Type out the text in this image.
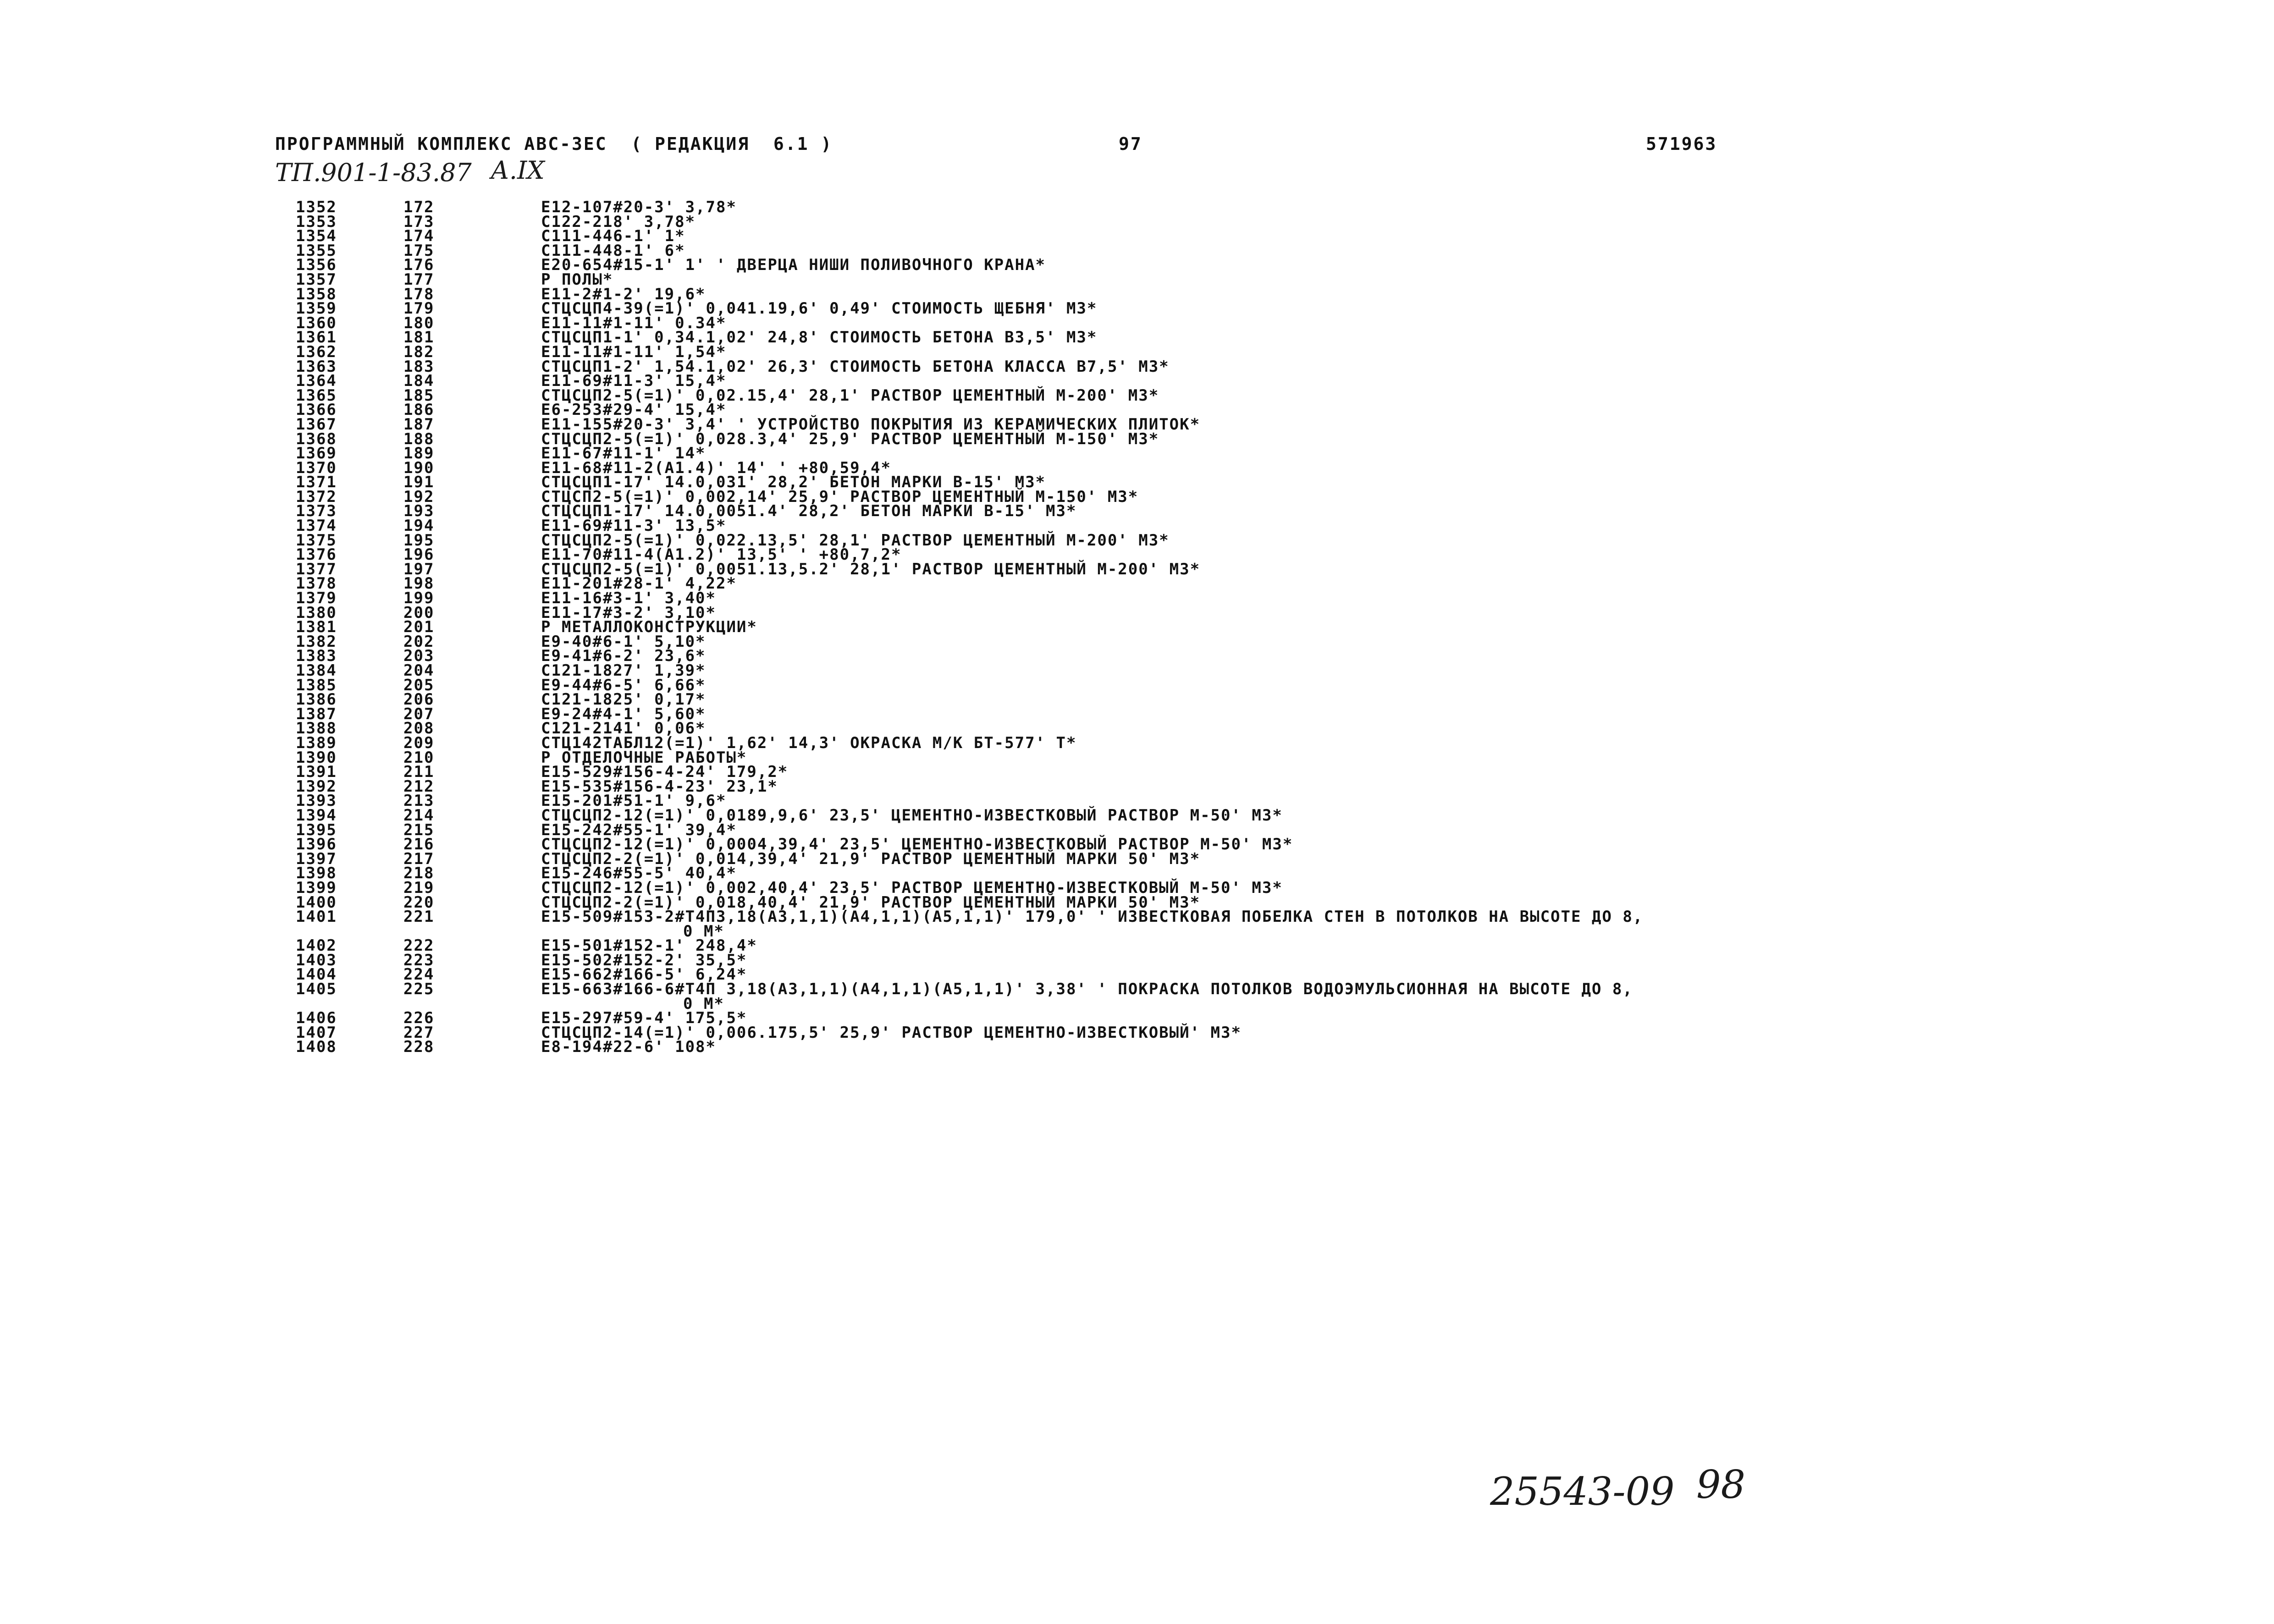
ПРОГРАММНЫЙ КОМПЛЕКС АВС-3ЕС  ( РЕДАКЦИЯ  6.1 )	97	571963
ТП.901-1-83.87 А.IX
1352	172	Е12-107#20-3' 3,78*
1353	173	С122-218' 3,78*
1354	174	С111-446-1' 1*
1355	175	С111-448-1' 6*
1356	176	Е20-654#15-1' 1' ' ДВЕРЦА НИШИ ПОЛИВОЧНОГО КРАНА*
1357	177	Р ПОЛЫ*
1358	178	Е11-2#1-2' 19,6*
1359	179	СТЦСЦП4-39(=1)' 0,041.19,6' 0,49' СТОИМОСТЬ ЩЕБНЯ' М3*
1360	180	Е11-11#1-11' 0.34*
1361	181	СТЦСЦП1-1' 0,34.1,02' 24,8' СТОИМОСТЬ БЕТОНА В3,5' М3*
1362	182	Е11-11#1-11' 1,54*
1363	183	СТЦСЦП1-2' 1,54.1,02' 26,3' СТОИМОСТЬ БЕТОНА КЛАССА В7,5' М3*
1364	184	Е11-69#11-3' 15,4*
1365	185	СТЦСЦП2-5(=1)' 0,02.15,4' 28,1' РАСТВОР ЦЕМЕНТНЫЙ М-200' М3*
1366	186	Е6-253#29-4' 15,4*
1367	187	Е11-155#20-3' 3,4' ' УСТРОЙСТВО ПОКРЫТИЯ ИЗ КЕРАМИЧЕСКИХ ПЛИТОК*
1368	188	СТЦСЦП2-5(=1)' 0,028.3,4' 25,9' РАСТВОР ЦЕМЕНТНЫЙ М-150' М3*
1369	189	Е11-67#11-1' 14*
1370	190	Е11-68#11-2(А1.4)' 14' ' +80,59,4*
1371	191	СТЦСЦП1-17' 14.0,031' 28,2' БЕТОН МАРКИ В-15' М3*
1372	192	СТЦСП2-5(=1)' 0,002,14' 25,9' РАСТВОР ЦЕМЕНТНЫЙ М-150' М3*
1373	193	СТЦСЦП1-17' 14.0,0051.4' 28,2' БЕТОН МАРКИ В-15' М3*
1374	194	Е11-69#11-3' 13,5*
1375	195	СТЦСЦП2-5(=1)' 0,022.13,5' 28,1' РАСТВОР ЦЕМЕНТНЫЙ М-200' М3*
1376	196	Е11-70#11-4(А1.2)' 13,5' ' +80,7,2*
1377	197	СТЦСЦП2-5(=1)' 0,0051.13,5.2' 28,1' РАСТВОР ЦЕМЕНТНЫЙ М-200' М3*
1378	198	Е11-201#28-1' 4,22*
1379	199	Е11-16#3-1' 3,40*
1380	200	Е11-17#3-2' 3,10*
1381	201	Р МЕТАЛЛОКОНСТРУКЦИИ*
1382	202	Е9-40#6-1' 5,10*
1383	203	Е9-41#6-2' 23,6*
1384	204	С121-1827' 1,39*
1385	205	Е9-44#6-5' 6,66*
1386	206	С121-1825' 0,17*
1387	207	Е9-24#4-1' 5,60*
1388	208	С121-2141' 0,06*
1389	209	СТЦ142ТАБЛ12(=1)' 1,62' 14,3' ОКРАСКА М/К БТ-577' Т*
1390	210	Р ОТДЕЛОЧНЫЕ РАБОТЫ*
1391	211	Е15-529#156-4-24' 179,2*
1392	212	Е15-535#156-4-23' 23,1*
1393	213	Е15-201#51-1' 9,6*
1394	214	СТЦСЦП2-12(=1)' 0,0189,9,6' 23,5' ЦЕМЕНТНО-ИЗВЕСТКОВЫЙ РАСТВОР М-50' М3*
1395	215	Е15-242#55-1' 39,4*
1396	216	СТЦСЦП2-12(=1)' 0,0004,39,4' 23,5' ЦЕМЕНТНО-ИЗВЕСТКОВЫЙ РАСТВОР М-50' М3*
1397	217	СТЦСЦП2-2(=1)' 0,014,39,4' 21,9' РАСТВОР ЦЕМЕНТНЫЙ МАРКИ 50' М3*
1398	218	Е15-246#55-5' 40,4*
1399	219	СТЦСЦП2-12(=1)' 0,002,40,4' 23,5' РАСТВОР ЦЕМЕНТНО-ИЗВЕСТКОВЫЙ М-50' М3*
1400	220	СТЦСЦП2-2(=1)' 0,018,40,4' 21,9' РАСТВОР ЦЕМЕНТНЫЙ МАРКИ 50' М3*
1401	221	Е15-509#153-2#Т4П3,18(А3,1,1)(А4,1,1)(А5,1,1)' 179,0' ' ИЗВЕСТКОВАЯ ПОБЕЛКА СТЕН В ПОТОЛКОВ НА ВЫСОТЕ ДО 8,
0 М*
1402	222	Е15-501#152-1' 248,4*
1403	223	Е15-502#152-2' 35,5*
1404	224	Е15-662#166-5' 6,24*
1405	225	Е15-663#166-6#Т4П 3,18(А3,1,1)(А4,1,1)(А5,1,1)' 3,38' ' ПОКРАСКА ПОТОЛКОВ ВОДОЭМУЛЬСИОННАЯ НА ВЫСОТЕ ДО 8,
0 М*
1406	226	Е15-297#59-4' 175,5*
1407	227	СТЦСЦП2-14(=1)' 0,006.175,5' 25,9' РАСТВОР ЦЕМЕНТНО-ИЗВЕСТКОВЫЙ' М3*
1408	228	Е8-194#22-6' 108*
25543-09 98
